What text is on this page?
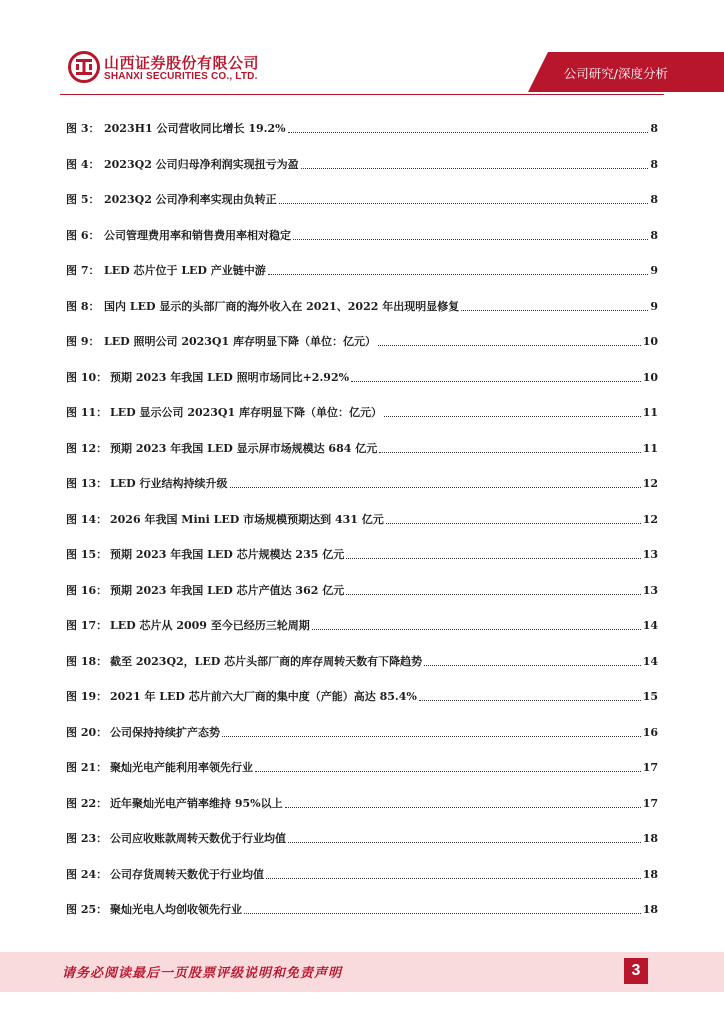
山西证券股份有限公司
SHANXI SECURITIES CO., LTD.	公司研究/深度分析
图 3： 2023H1 公司营收同比增长 19.2%	8
图 4： 2023Q2 公司归母净利润实现扭亏为盈	8
图 5： 2023Q2 公司净利率实现由负转正	8
图 6： 公司管理费用率和销售费用率相对稳定	8
图 7： LED 芯片位于 LED 产业链中游	9
图 8： 国内 LED 显示的头部厂商的海外收入在 2021、2022 年出现明显修复	9
图 9： LED 照明公司 2023Q1 库存明显下降（单位：亿元）	10
图 10： 预期 2023 年我国 LED 照明市场同比+2.92%	10
图 11： LED 显示公司 2023Q1 库存明显下降（单位：亿元）	11
图 12： 预期 2023 年我国 LED 显示屏市场规模达 684 亿元	11
图 13： LED 行业结构持续升级	12
图 14： 2026 年我国 Mini LED 市场规模预期达到 431 亿元	12
图 15： 预期 2023 年我国 LED 芯片规模达 235 亿元	13
图 16： 预期 2023 年我国 LED 芯片产值达 362 亿元	13
图 17： LED 芯片从 2009 至今已经历三轮周期	14
图 18： 截至 2023Q2，LED 芯片头部厂商的库存周转天数有下降趋势	14
图 19： 2021 年 LED 芯片前六大厂商的集中度（产能）高达 85.4%	15
图 20： 公司保持持续扩产态势	16
图 21： 聚灿光电产能利用率领先行业	17
图 22： 近年聚灿光电产销率维持 95%以上	17
图 23： 公司应收账款周转天数优于行业均值	18
图 24： 公司存货周转天数优于行业均值	18
图 25： 聚灿光电人均创收领先行业	18
请务必阅读最后一页股票评级说明和免责声明	3
